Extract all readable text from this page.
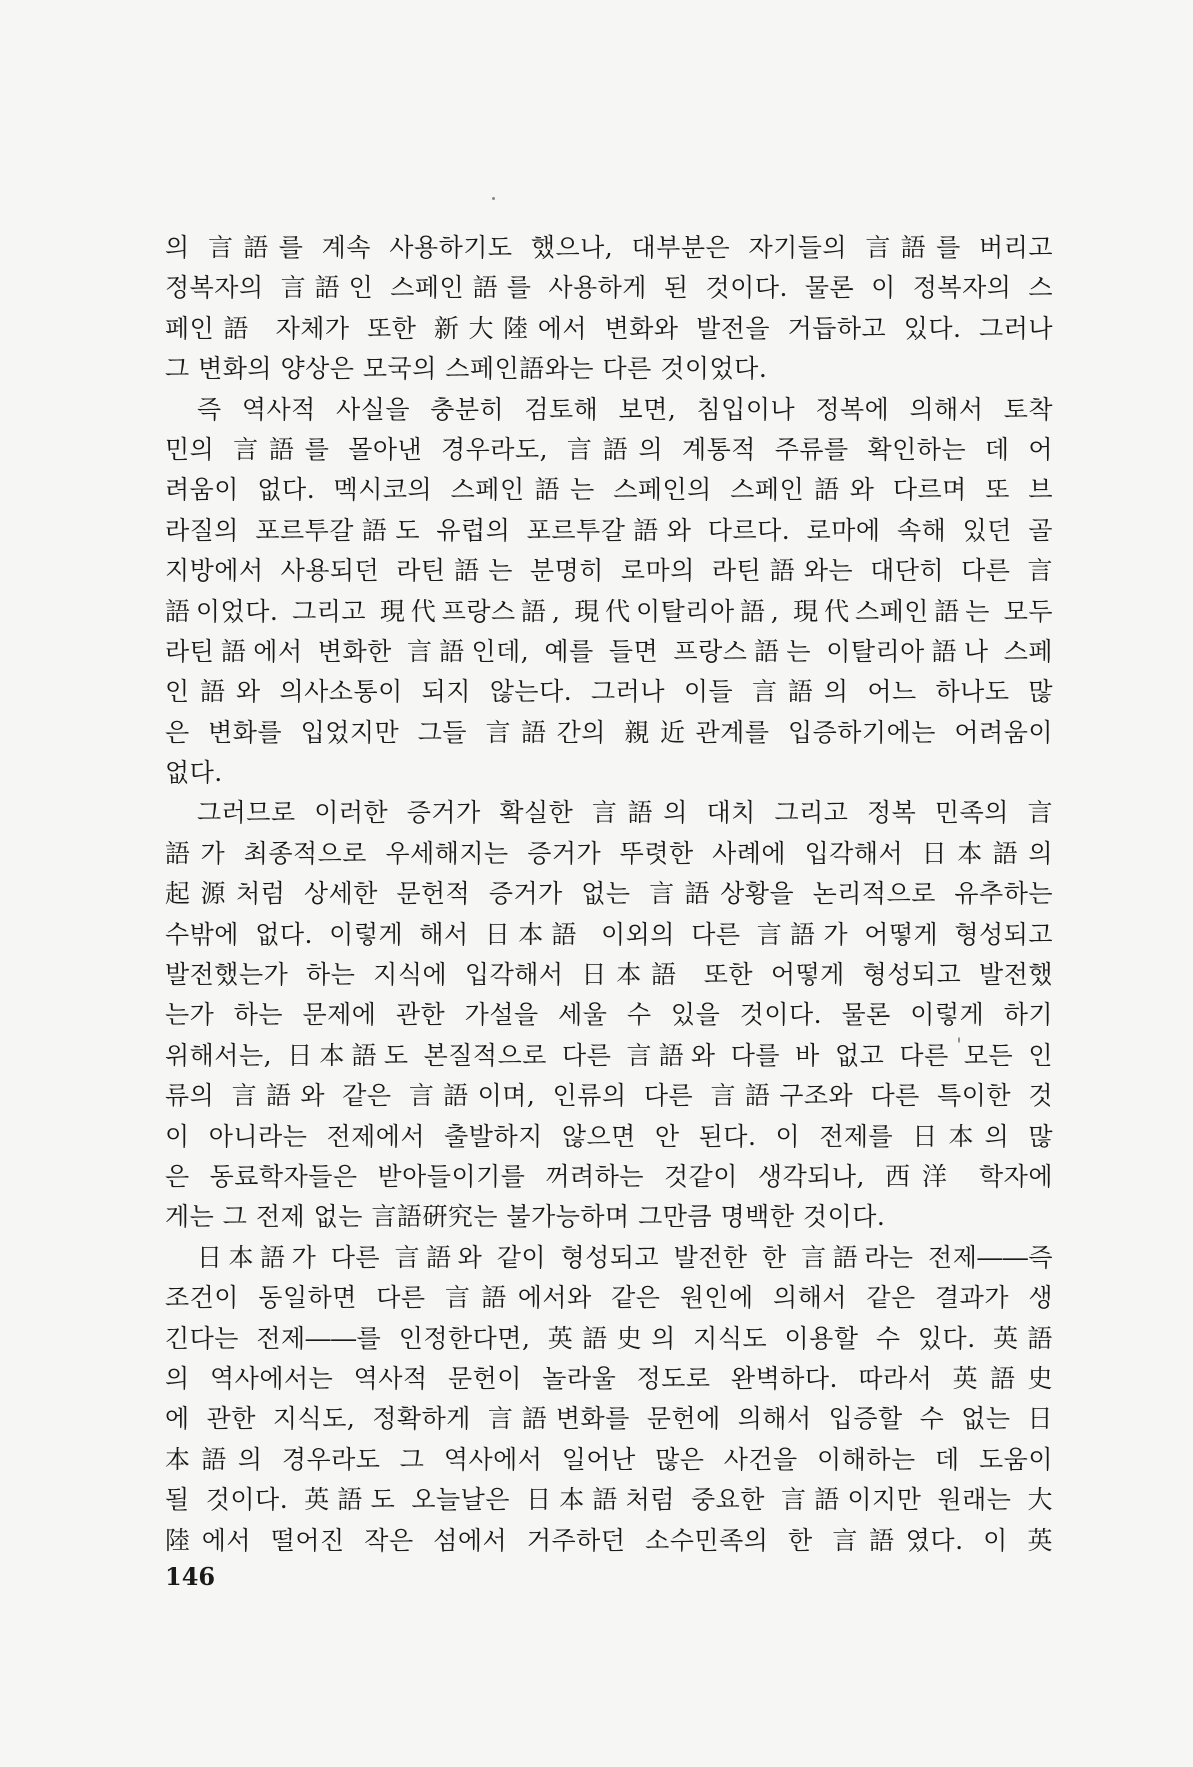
의 言語를 계속 사용하기도 했으나, 대부분은 자기들의 言語를 버리고
정복자의 言語인 스페인語를 사용하게 된 것이다. 물론 이 정복자의 스
페인語 자체가 또한 新大陸에서 변화와 발전을 거듭하고 있다. 그러나
그 변화의 양상은 모국의 스페인語와는 다른 것이었다.
즉 역사적 사실을 충분히 검토해 보면, 침입이나 정복에 의해서 토착
민의 言語를 몰아낸 경우라도, 言語의 계통적 주류를 확인하는 데 어
려움이 없다. 멕시코의 스페인語는 스페인의 스페인語와 다르며 또 브
라질의 포르투갈語도 유럽의 포르투갈語와 다르다. 로마에 속해 있던 골
지방에서 사용되던 라틴語는 분명히 로마의 라틴語와는 대단히 다른 言
語이었다. 그리고 現代프랑스語, 現代이탈리아語, 現代스페인語는 모두
라틴語에서 변화한 言語인데, 예를 들면 프랑스語는 이탈리아語나 스페
인語와 의사소통이 되지 않는다. 그러나 이들 言語의 어느 하나도 많
은 변화를 입었지만 그들 言語간의 親近관계를 입증하기에는 어려움이
없다.
그러므로 이러한 증거가 확실한 言語의 대치 그리고 정복 민족의 言
語가 최종적으로 우세해지는 증거가 뚜렷한 사례에 입각해서 日本語의
起源처럼 상세한 문헌적 증거가 없는 言語상황을 논리적으로 유추하는
수밖에 없다. 이렇게 해서 日本語 이외의 다른 言語가 어떻게 형성되고
발전했는가 하는 지식에 입각해서 日本語 또한 어떻게 형성되고 발전했
는가 하는 문제에 관한 가설을 세울 수 있을 것이다. 물론 이렇게 하기
위해서는, 日本語도 본질적으로 다른 言語와 다를 바 없고 다른 모든 인
류의 言語와 같은 言語이며, 인류의 다른 言語구조와 다른 특이한 것
이 아니라는 전제에서 출발하지 않으면 안 된다. 이 전제를 日本의 많
은 동료학자들은 받아들이기를 꺼려하는 것같이 생각되나, 西洋 학자에
게는 그 전제 없는 言語硏究는 불가능하며 그만큼 명백한 것이다.
日本語가 다른 言語와 같이 형성되고 발전한 한 言語라는 전제――즉
조건이 동일하면 다른 言語에서와 같은 원인에 의해서 같은 결과가 생
긴다는 전제――를 인정한다면, 英語史의 지식도 이용할 수 있다. 英語
의 역사에서는 역사적 문헌이 놀라울 정도로 완벽하다. 따라서 英語史
에 관한 지식도, 정확하게 言語변화를 문헌에 의해서 입증할 수 없는 日
本語의 경우라도 그 역사에서 일어난 많은 사건을 이해하는 데 도움이
될 것이다. 英語도 오늘날은 日本語처럼 중요한 言語이지만 원래는 大
陸에서 떨어진 작은 섬에서 거주하던 소수민족의 한 言語였다. 이 英
146
